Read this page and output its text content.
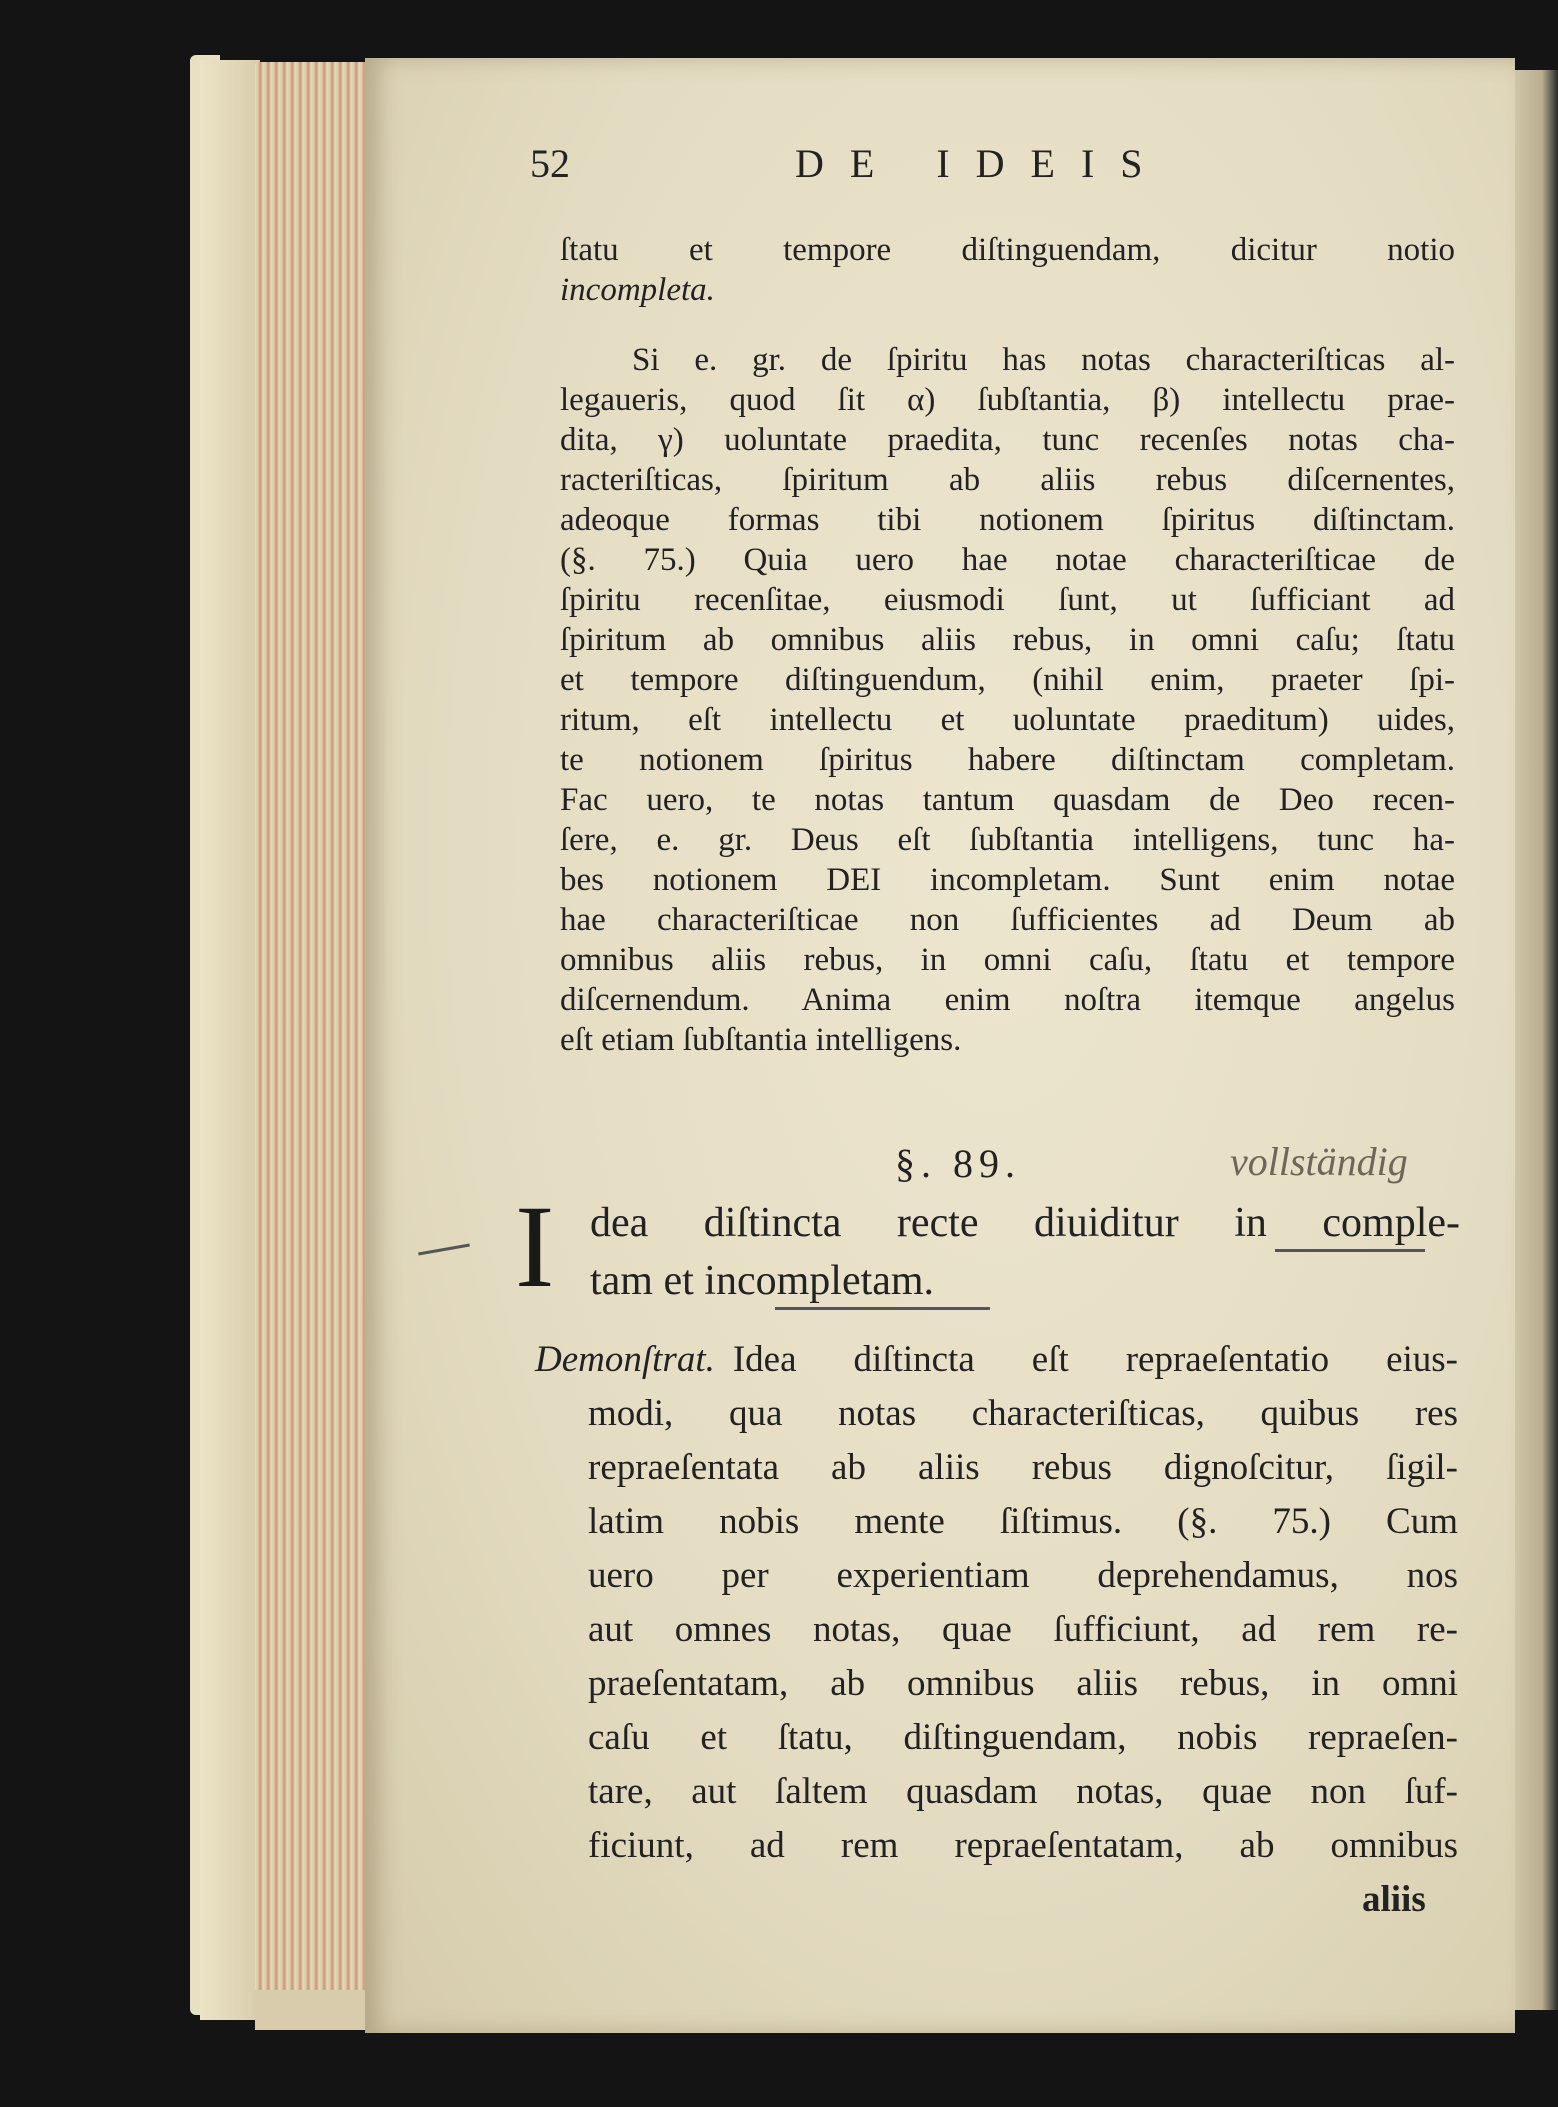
52	DE IDEIS
ſtatu et tempore diſtinguendam, dicitur notio
incompleta.
Si e. gr. de ſpiritu has notas characteriſticas al-
legaueris, quod ſit α) ſubſtantia, β) intellectu prae-
dita, γ) uoluntate praedita, tunc recenſes notas cha-
racteriſticas, ſpiritum ab aliis rebus diſcernentes,
adeoque formas tibi notionem ſpiritus diſtinctam.
(§. 75.) Quia uero hae notae characteriſticae de
ſpiritu recenſitae, eiusmodi ſunt, ut ſufficiant ad
ſpiritum ab omnibus aliis rebus, in omni caſu; ſtatu
et tempore diſtinguendum, (nihil enim, praeter ſpi-
ritum, eſt intellectu et uoluntate praeditum) uides,
te notionem ſpiritus habere diſtinctam completam.
Fac uero, te notas tantum quasdam de Deo recen-
ſere, e. gr. Deus eſt ſubſtantia intelligens, tunc ha-
bes notionem DEI incompletam. Sunt enim notae
hae characteriſticae non ſufficientes ad Deum ab
omnibus aliis rebus, in omni caſu, ſtatu et tempore
diſcernendum. Anima enim noſtra itemque angelus
eſt etiam ſubſtantia intelligens.
§. 89.	vollständig
I dea diſtincta recte diuiditur in comple-
tam et incompletam.
Demonſtrat. Idea diſtincta eſt repraeſentatio eius-
modi, qua notas characteriſticas, quibus res
repraeſentata ab aliis rebus dignoſcitur, ſigil-
latim nobis mente ſiſtimus. (§. 75.) Cum
uero per experientiam deprehendamus, nos
aut omnes notas, quae ſufficiunt, ad rem re-
praeſentatam, ab omnibus aliis rebus, in omni
caſu et ſtatu, diſtinguendam, nobis repraeſen-
tare, aut ſaltem quasdam notas, quae non ſuf-
ficiunt, ad rem repraeſentatam, ab omnibus
aliis
